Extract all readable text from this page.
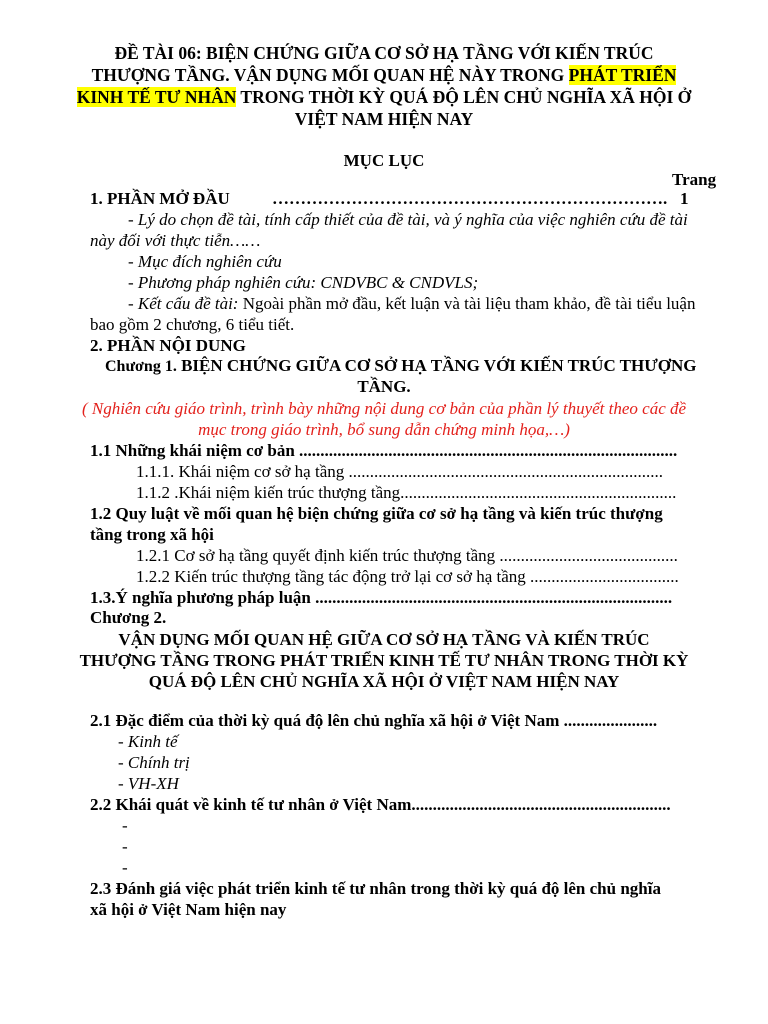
ĐỀ TÀI 06: BIỆN CHỨNG GIỮA CƠ SỞ HẠ TẦNG VỚI KIẾN TRÚC
THƯỢNG TẦNG. VẬN DỤNG MỐI QUAN HỆ NÀY TRONG PHÁT TRIỂN
KINH TẾ TƯ NHÂN TRONG THỜI KỲ QUÁ ĐỘ LÊN CHỦ NGHĨA XÃ HỘI Ở
VIỆT NAM HIỆN NAY
MỤC LỤC
Trang
1. PHẦN MỞ ĐẦU ……………………………………………………………. 1
- Lý do chọn đề tài, tính cấp thiết của đề tài, và ý nghĩa của việc nghiên cứu đề tài
này đối với thực tiễn……
- Mục đích nghiên cứu
- Phương pháp nghiên cứu: CNDVBC & CNDVLS;
- Kết cấu đề tài: Ngoài phần mở đầu, kết luận và tài liệu tham khảo, đề tài tiểu luận
bao gồm 2 chương, 6 tiểu tiết.
2. PHẦN NỘI DUNG
Chương 1. BIỆN CHỨNG GIỮA CƠ SỞ HẠ TẦNG VỚI KIẾN TRÚC THƯỢNG
TẦNG.
( Nghiên cứu giáo trình, trình bày những nội dung cơ bản của phần lý thuyết theo các đề
mục trong giáo trình, bổ sung dẫn chứng minh họa,…)
1.1 Những khái niệm cơ bản .........................................................................................
1.1.1. Khái niệm cơ sở hạ tầng ..........................................................................
1.1.2 .Khái niệm kiến trúc thượng tầng.................................................................
1.2 Quy luật về mối quan hệ biện chứng giữa cơ sở hạ tầng và kiến trúc thượng
tầng trong xã hội
1.2.1 Cơ sở hạ tầng quyết định kiến trúc thượng tầng ..........................................
1.2.2 Kiến trúc thượng tầng tác động trở lại cơ sở hạ tầng ...................................
1.3.Ý nghĩa phương pháp luận ....................................................................................
Chương 2.
VẬN DỤNG MỐI QUAN HỆ GIỮA CƠ SỞ HẠ TẦNG VÀ KIẾN TRÚC
THƯỢNG TẦNG TRONG PHÁT TRIỂN KINH TẾ TƯ NHÂN TRONG THỜI KỲ
QUÁ ĐỘ LÊN CHỦ NGHĨA XÃ HỘI Ở VIỆT NAM HIỆN NAY
2.1 Đặc điểm của thời kỳ quá độ lên chủ nghĩa xã hội ở Việt Nam ......................
- Kinh tế
- Chính trị
- VH-XH
2.2 Khái quát về kinh tế tư nhân ở Việt Nam.............................................................
-
-
-
2.3 Đánh giá việc phát triển kinh tế tư nhân trong thời kỳ quá độ lên chủ nghĩa
xã hội ở Việt Nam hiện nay
